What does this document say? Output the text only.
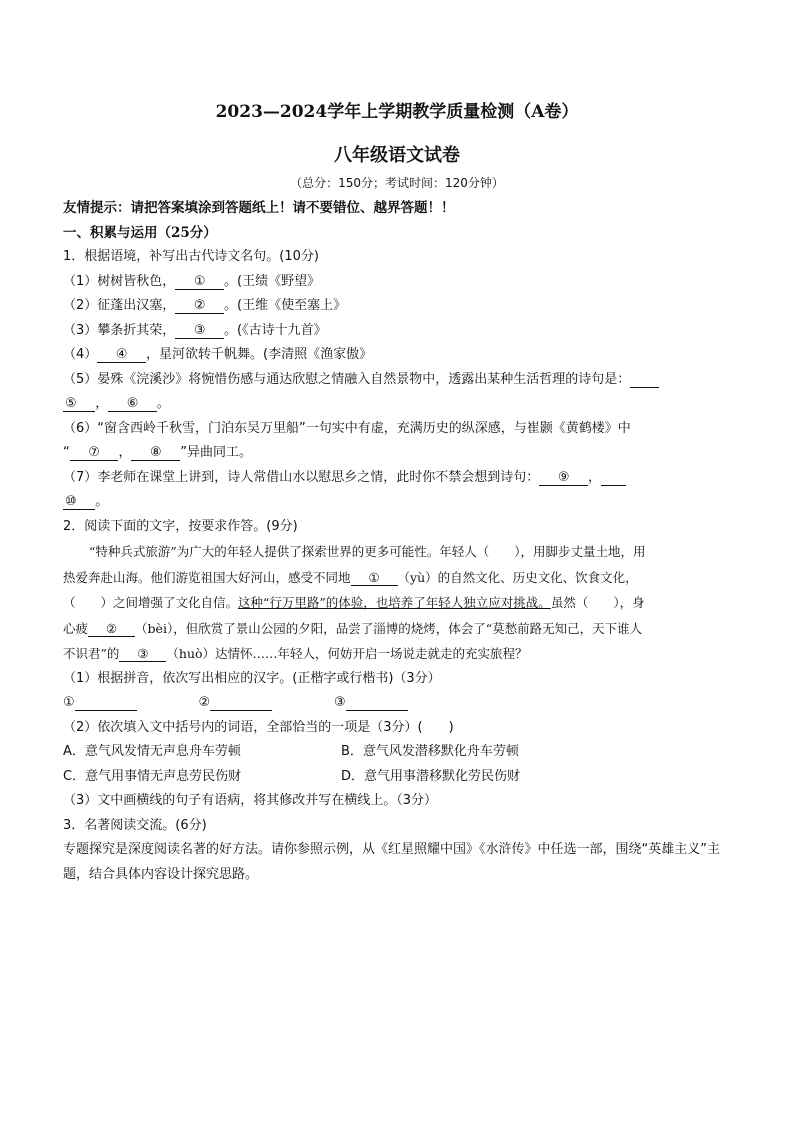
2023—2024学年上学期教学质量检测（A卷）
八年级语文试卷
（总分：150分；考试时间：120分钟）
友情提示：请把答案填涂到答题纸上！请不要错位、越界答题！！
一、积累与运用（25分）
1．根据语境，补写出古代诗文名句。(10分)
（1）树树皆秋色， ① 。(王绩《野望》
（2）征蓬出汉塞， ② 。(王维《使至塞上》
（3）攀条折其荣， ③ 。(《古诗十九首》
（4） ④ ，星河欲转千帆舞。(李清照《渔家傲》
（5）晏殊《浣溪沙》将惋惜伤感与通达欣慰之情融入自然景物中，透露出某种生活哲理的诗句是：
⑤ ， ⑥ 。
（6）“窗含西岭千秋雪，门泊东吴万里船”一句实中有虚，充满历史的纵深感，与崔颢《黄鹤楼》中
“ ⑦ ， ⑧ ”异曲同工。
（7）李老师在课堂上讲到，诗人常借山水以慰思乡之情，此时你不禁会想到诗句： ⑨ ，
⑩ 。
2．阅读下面的文字，按要求作答。(9分)
“特种兵式旅游”为广大的年轻人提供了探索世界的更多可能性。年轻人（　　），用脚步丈量土地，用
热爱奔赴山海。他们游览祖国大好河山，感受不同地 ① （yù）的自然文化、历史文化、饮食文化，
（　　）之间增强了文化自信。这种“行万里路”的体验，也培养了年轻人独立应对挑战。虽然（　　），身
心疲 ② （bèi），但欣赏了景山公园的夕阳，品尝了淄博的烧烤，体会了“莫愁前路无知己，天下谁人
不识君”的 ③ （huò）达情怀……年轻人，何妨开启一场说走就走的充实旅程？
（1）根据拼音，依次写出相应的汉字。(正楷字或行楷书)（3分）
①	②	③
（2）依次填入文中括号内的词语，全部恰当的一项是（3分）(　　)
A．意气风发情无声息舟车劳顿	B．意气风发潜移默化舟车劳顿
C．意气用事情无声息劳民伤财	D．意气用事潜移默化劳民伤财
（3）文中画横线的句子有语病，将其修改并写在横线上。（3分）
3．名著阅读交流。(6分)
专题探究是深度阅读名著的好方法。请你参照示例，从《红星照耀中国》《水浒传》中任选一部，围绕“英雄主义”主题，结合具体内容设计探究思路。
